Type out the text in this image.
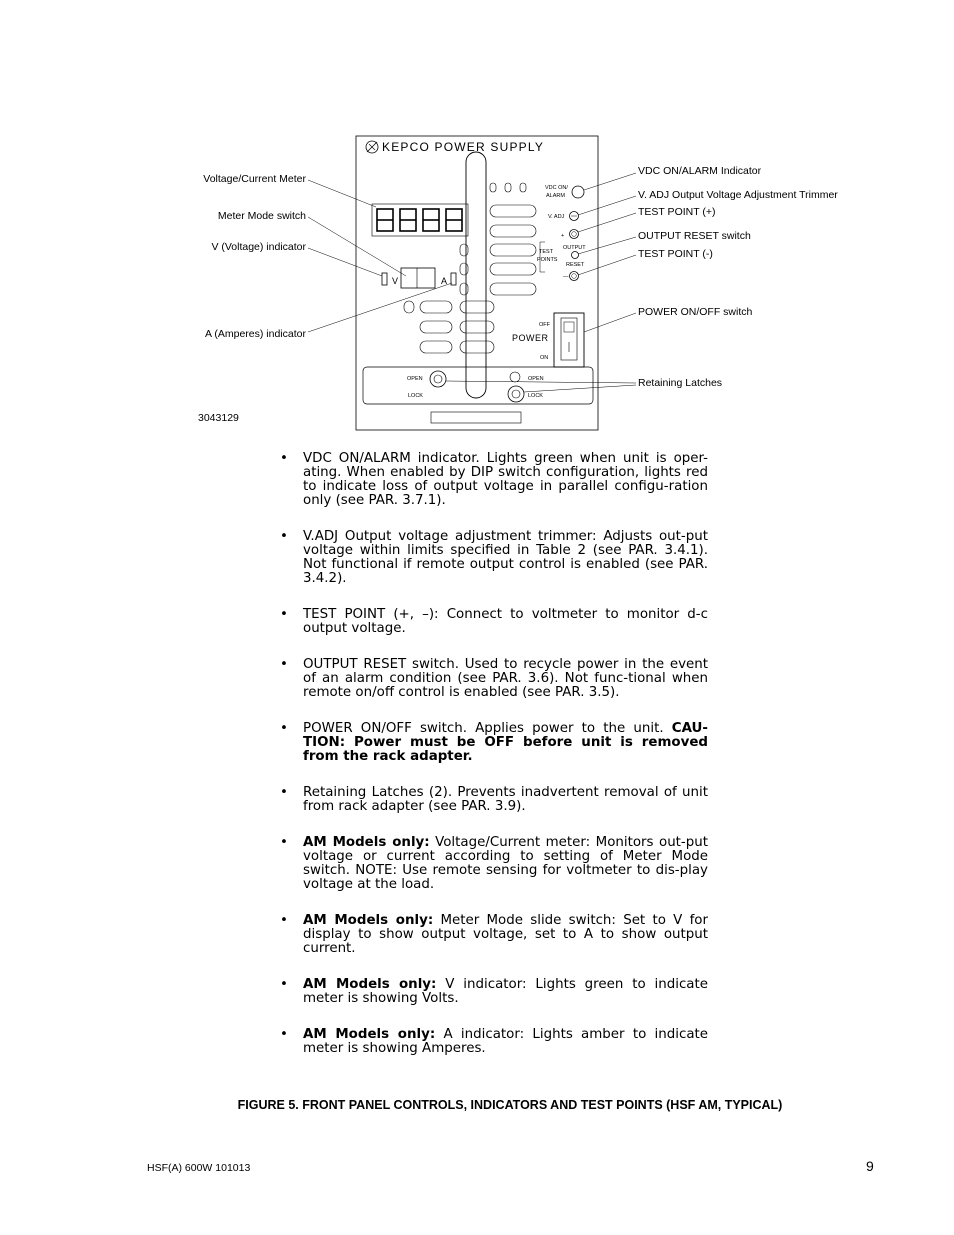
KEPCO POWER SUPPLY
V	A
VDC ON/
ALARM
V. ADJ
+
TEST
POINTS
OUTPUT
RESET
—
OFF
POWER
ON
OPEN
LOCK
OPEN
LOCK
Voltage/Current Meter
Meter Mode switch
V (Voltage) indicator
A (Amperes) indicator
VDC ON/ALARM Indicator
V. ADJ Output Voltage Adjustment Trimmer
TEST POINT (+)
OUTPUT RESET switch
TEST POINT (-)
POWER ON/OFF switch
Retaining Latches
3043129
• VDC ON/ALARM indicator. Lights green when unit is oper-ating. When enabled by DIP switch configuration, lights red to indicate loss of output voltage in parallel configu-ration only (see PAR. 3.7.1).
• V.ADJ Output voltage adjustment trimmer: Adjusts out-put voltage within limits specified in Table 2 (see PAR. 3.4.1). Not functional if remote output control is enabled (see PAR. 3.4.2).
• TEST POINT (+, –): Connect to voltmeter to monitor d-c output voltage.
• OUTPUT RESET switch. Used to recycle power in the event of an alarm condition (see PAR. 3.6). Not func-tional when remote on/off control is enabled (see PAR. 3.5).
• POWER ON/OFF switch. Applies power to the unit. CAU-TION: Power must be OFF before unit is removed from the rack adapter.
• Retaining Latches (2). Prevents inadvertent removal of unit from rack adapter (see PAR. 3.9).
• AM Models only: Voltage/Current meter: Monitors out-put voltage or current according to setting of Meter Mode switch. NOTE: Use remote sensing for voltmeter to dis-play voltage at the load.
• AM Models only: Meter Mode slide switch: Set to V for display to show output voltage, set to A to show output current.
• AM Models only: V indicator: Lights green to indicate meter is showing Volts.
• AM Models only: A indicator: Lights amber to indicate meter is showing Amperes.
FIGURE 5. FRONT PANEL CONTROLS, INDICATORS AND TEST POINTS (HSF AM, TYPICAL)
HSF(A) 600W 101013	9
